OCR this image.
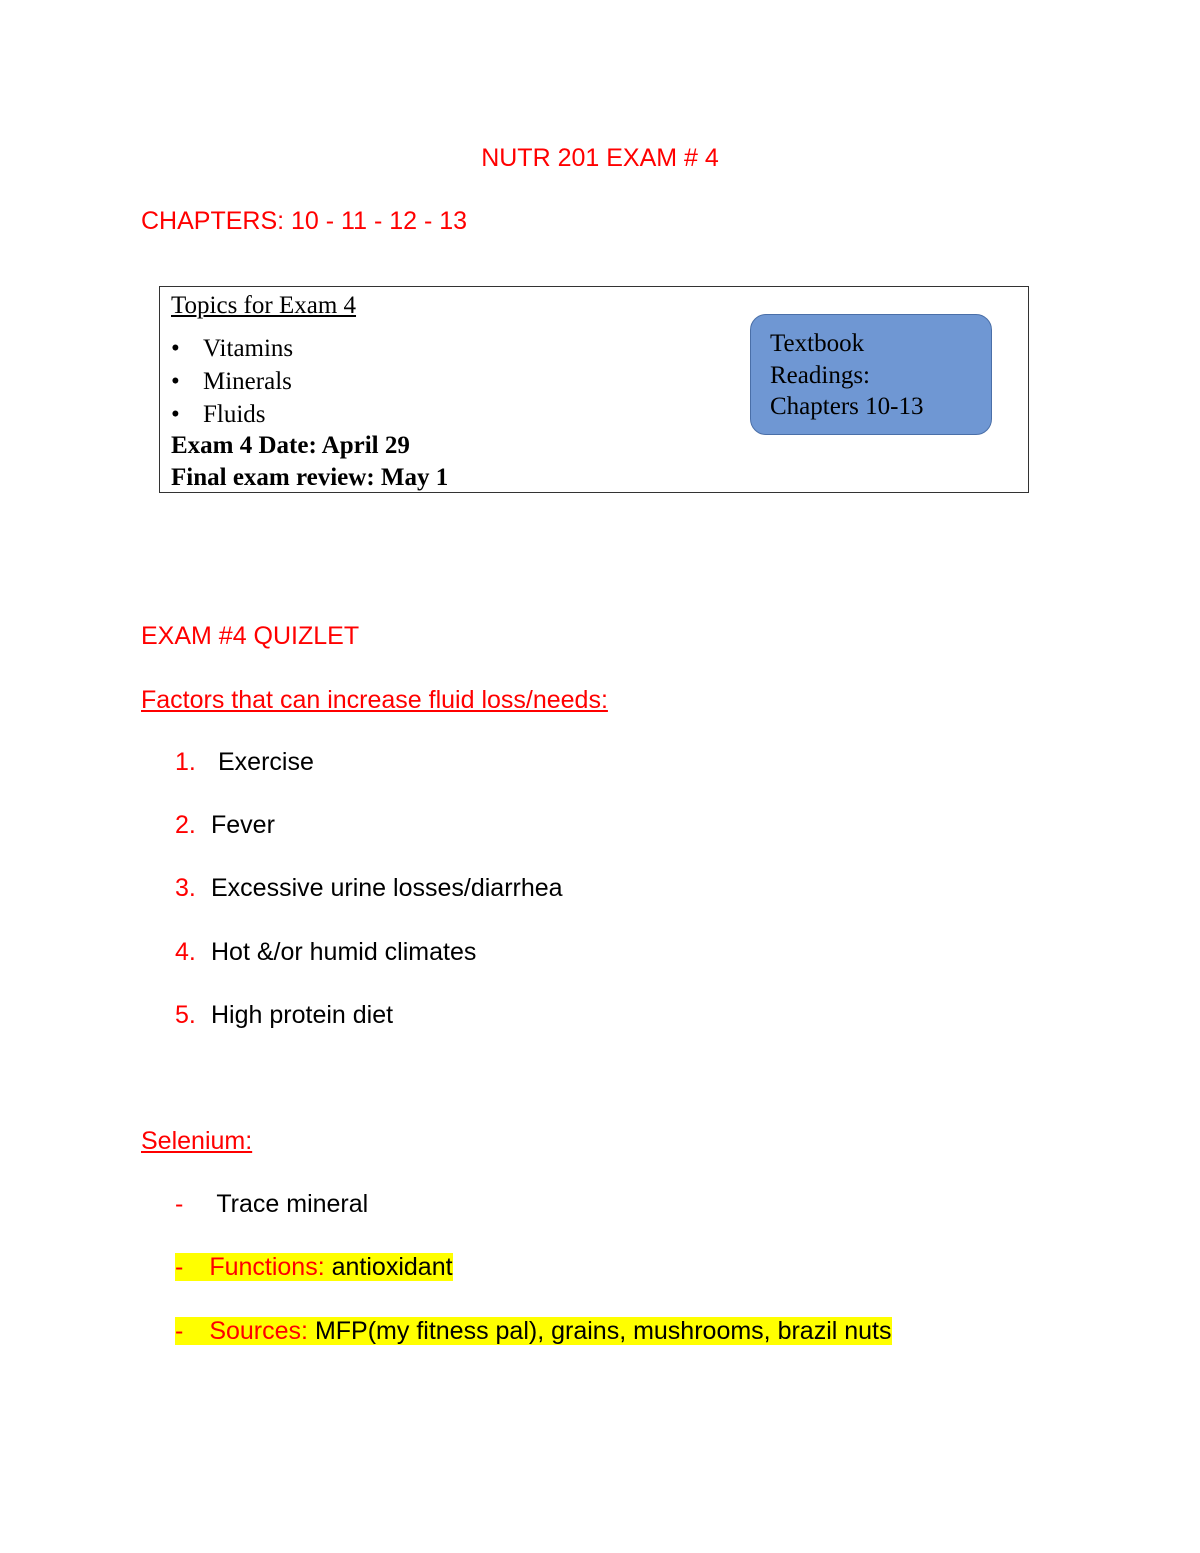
NUTR 201 EXAM # 4
CHAPTERS: 10 - 11 - 12 - 13
Topics for Exam 4
• Vitamins
• Minerals
• Fluids
Exam 4 Date: April 29
Final exam review: May 1
Textbook
Readings:
Chapters 10-13
EXAM #4 QUIZLET
Factors that can increase fluid loss/needs:
1. Exercise
2. Fever
3. Excessive urine losses/diarrhea
4. Hot &/or humid climates
5. High protein diet
Selenium:
- Trace mineral
- Functions: antioxidant
- Sources: MFP(my fitness pal), grains, mushrooms, brazil nuts
